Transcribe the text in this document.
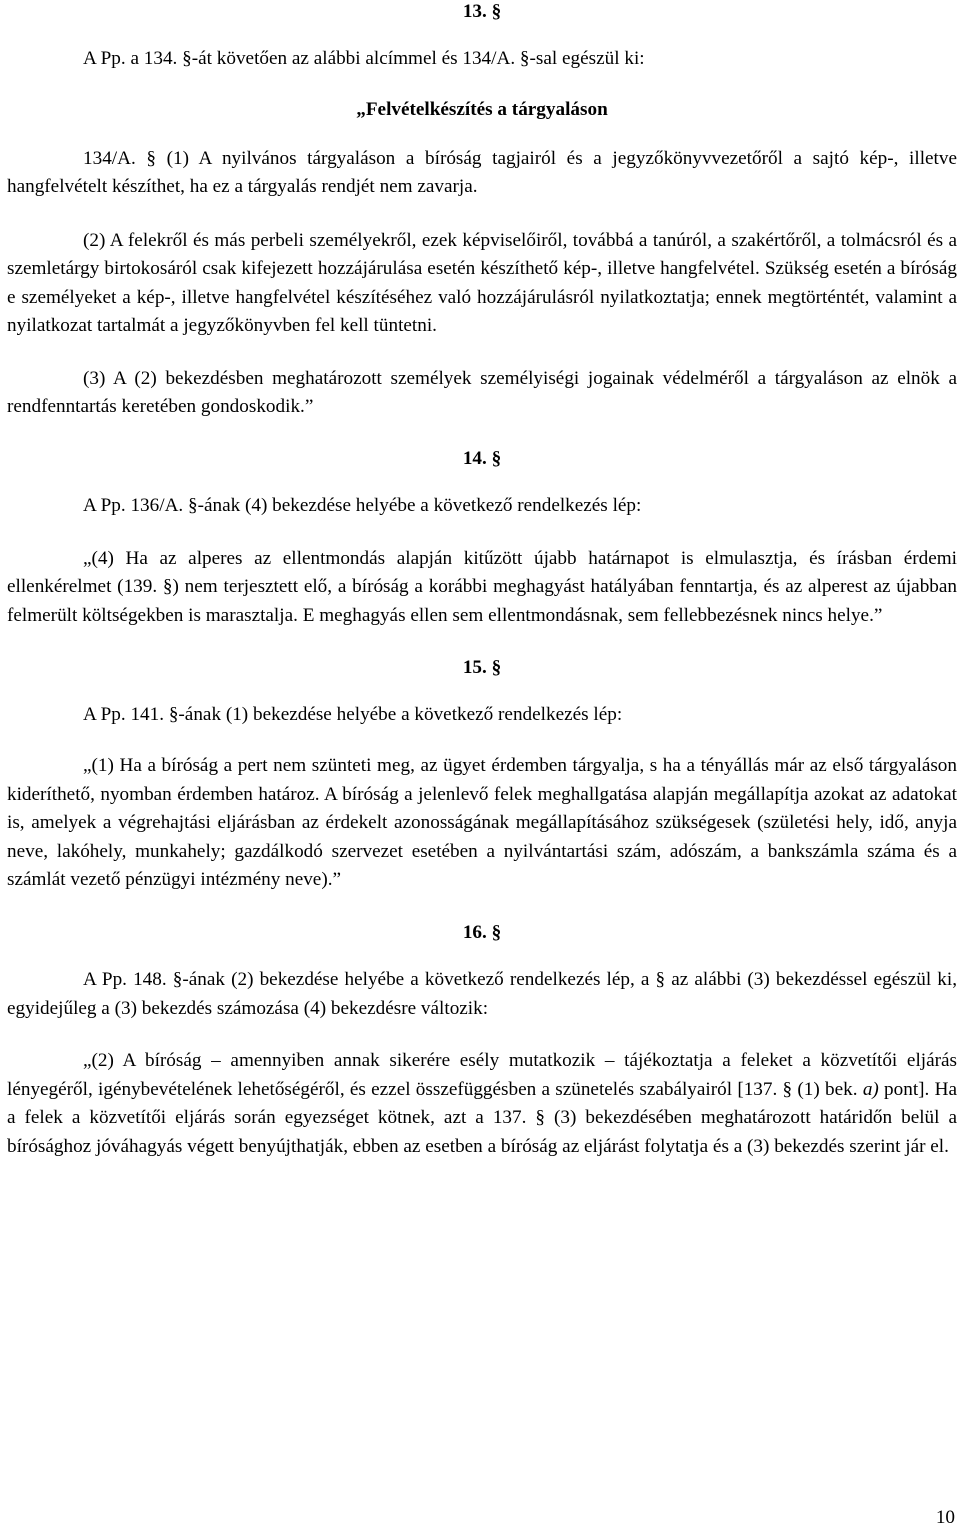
13. §

A Pp. a 134. §-át követően az alábbi alcímmel és 134/A. §-sal egészül ki:

„Felvételkészítés a tárgyaláson

134/A. § (1) A nyilvános tárgyaláson a bíróság tagjairól és a jegyzőkönyvvezetőről a sajtó kép-, illetve hangfelvételt készíthet, ha ez a tárgyalás rendjét nem zavarja.

(2) A felekről és más perbeli személyekről, ezek képviselőiről, továbbá a tanúról, a szakértőről, a tolmácsról és a szemletárgy birtokosáról csak kifejezett hozzájárulása esetén készíthető kép-, illetve hangfelvétel. Szükség esetén a bíróság e személyeket a kép-, illetve hangfelvétel készítéséhez való hozzájárulásról nyilatkoztatja; ennek megtörténtét, valamint a nyilatkozat tartalmát a jegyzőkönyvben fel kell tüntetni.

(3) A (2) bekezdésben meghatározott személyek személyiségi jogainak védelméről a tárgyaláson az elnök a rendfenntartás keretében gondoskodik.”

14. §

A Pp. 136/A. §-ának (4) bekezdése helyébe a következő rendelkezés lép:

„(4) Ha az alperes az ellentmondás alapján kitűzött újabb határnapot is elmulasztja, és írásban érdemi ellenkérelmet (139. §) nem terjesztett elő, a bíróság a korábbi meghagyást hatályában fenntartja, és az alperest az újabban felmerült költségekben is marasztalja. E meghagyás ellen sem ellentmondásnak, sem fellebbezésnek nincs helye.”

15. §

A Pp. 141. §-ának (1) bekezdése helyébe a következő rendelkezés lép:

„(1) Ha a bíróság a pert nem szünteti meg, az ügyet érdemben tárgyalja, s ha a tényállás már az első tárgyaláson kideríthető, nyomban érdemben határoz. A bíróság a jelenlevő felek meghallgatása alapján megállapítja azokat az adatokat is, amelyek a végrehajtási eljárásban az érdekelt azonosságának megállapításához szükségesek (születési hely, idő, anyja neve, lakóhely, munkahely; gazdálkodó szervezet esetében a nyilvántartási szám, adószám, a bankszámla száma és a számlát vezető pénzügyi intézmény neve).”

16. §

A Pp. 148. §-ának (2) bekezdése helyébe a következő rendelkezés lép, a § az alábbi (3) bekezdéssel egészül ki, egyidejűleg a (3) bekezdés számozása (4) bekezdésre változik:

„(2) A bíróság – amennyiben annak sikerére esély mutatkozik – tájékoztatja a feleket a közvetítői eljárás lényegéről, igénybevételének lehetőségéről, és ezzel összefüggésben a szünetelés szabályairól [137. § (1) bek. a) pont]. Ha a felek a közvetítői eljárás során egyezséget kötnek, azt a 137. § (3) bekezdésében meghatározott határidőn belül a bírósághoz jóváhagyás végett benyújthatják, ebben az esetben a bíróság az eljárást folytatja és a (3) bekezdés szerint jár el.

10
